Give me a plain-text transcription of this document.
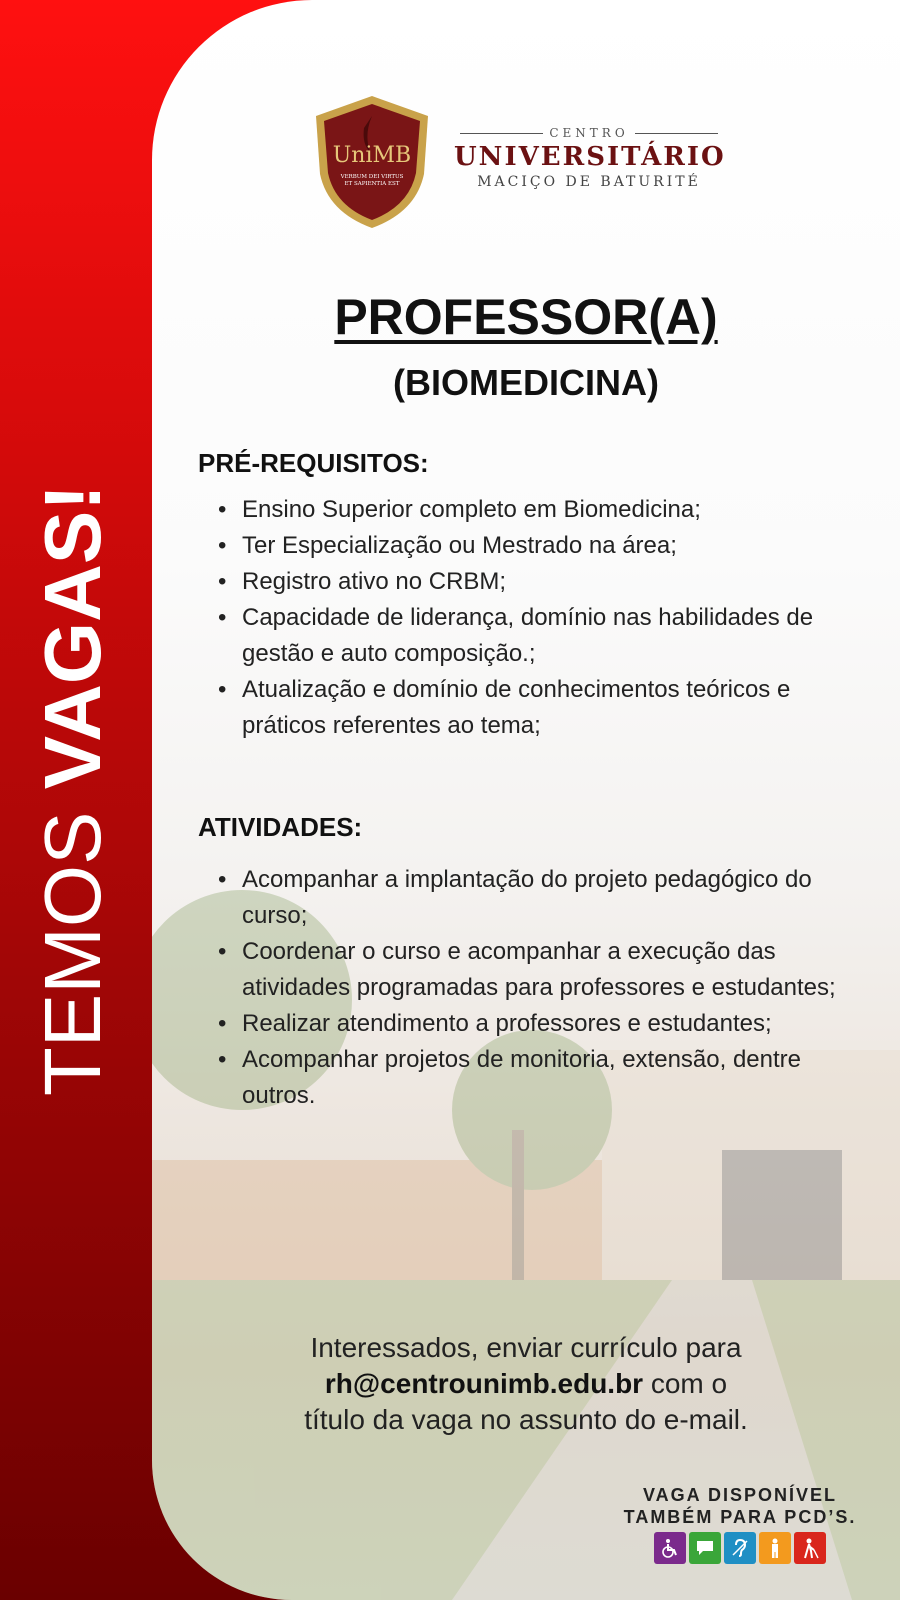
TEMOS VAGAS!
UniMB
VERBUM DEI VIRTUS
ET SAPIENTIA EST
CENTRO
UNIVERSITÁRIO
MACIÇO DE BATURITÉ
PROFESSOR(A)
(BIOMEDICINA)
PRÉ-REQUISITOS:
• Ensino Superior completo em Biomedicina;
• Ter Especialização ou Mestrado na área;
• Registro ativo no CRBM;
• Capacidade de liderança, domínio nas habilidades de gestão e auto composição.;
• Atualização e domínio de conhecimentos teóricos e práticos referentes ao tema;
ATIVIDADES:
• Acompanhar a implantação do projeto pedagógico do curso;
• Coordenar o curso e acompanhar a execução das atividades programadas para professores e estudantes;
• Realizar atendimento a professores e estudantes;
• Acompanhar projetos de monitoria, extensão, dentre outros.
Interessados, enviar currículo para
rh@centrounimb.edu.br com o
título da vaga no assunto do e-mail.
VAGA DISPONÍVEL
TAMBÉM PARA PCD’S.
